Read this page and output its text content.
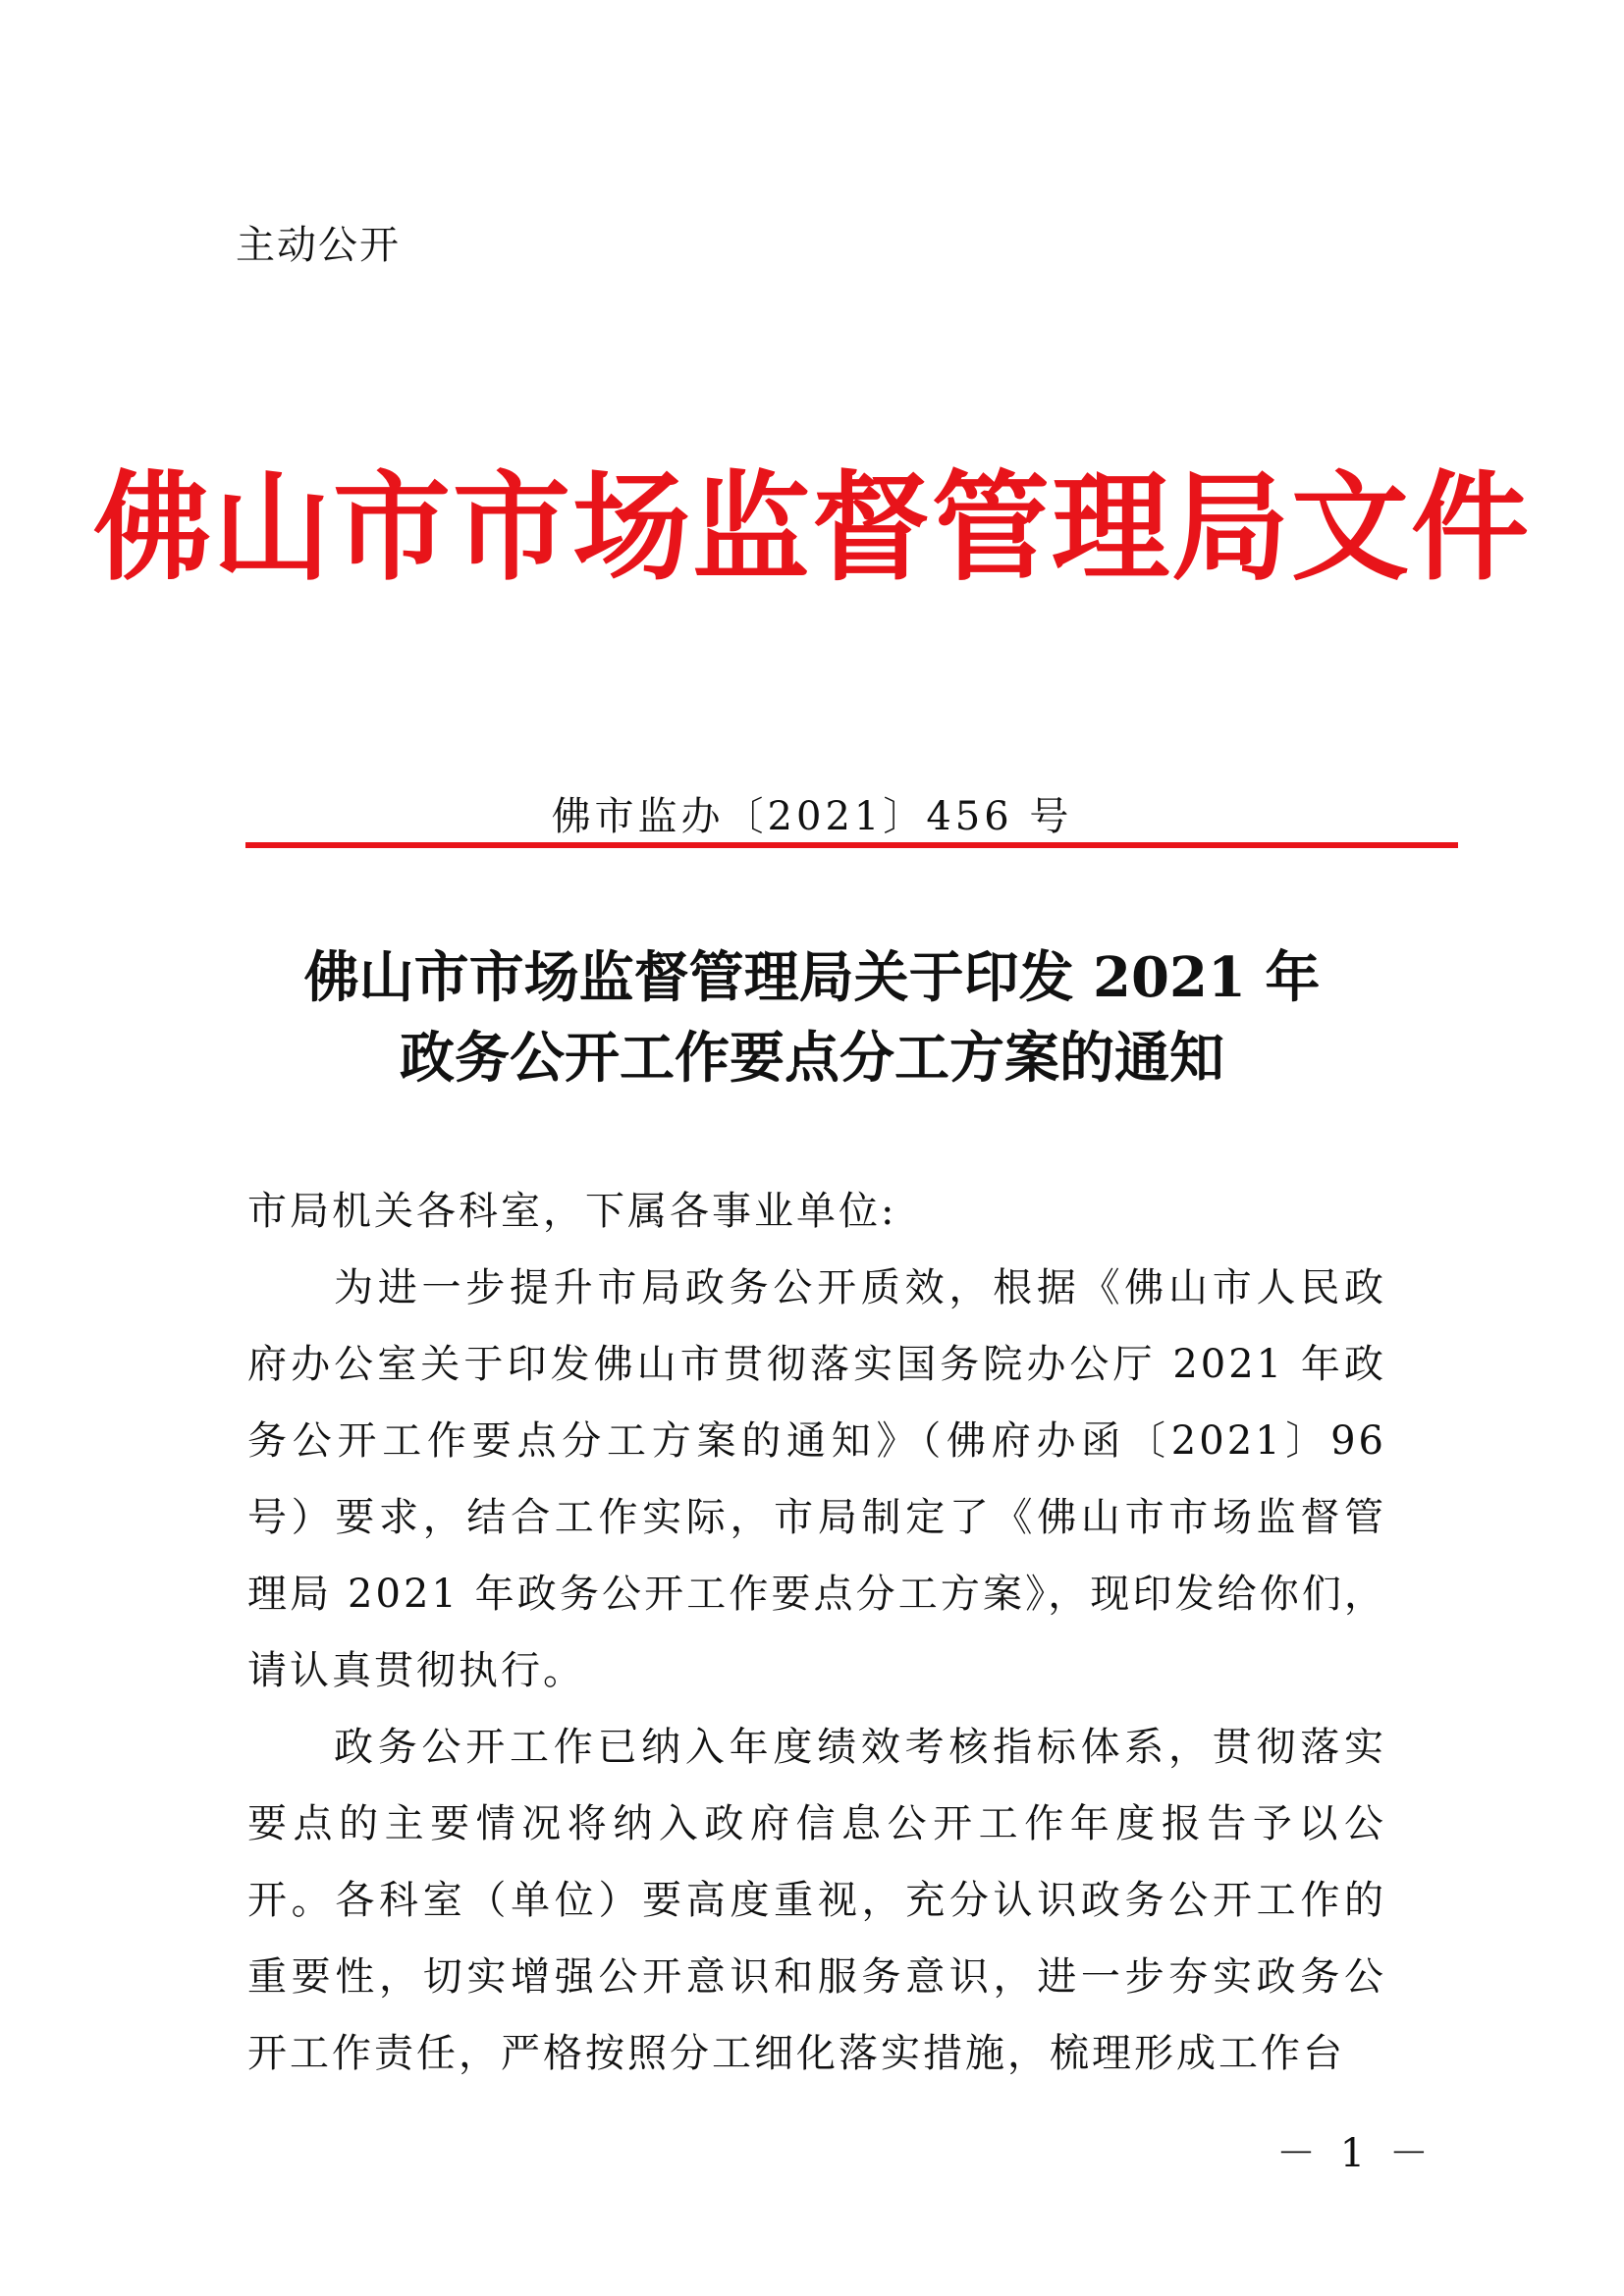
主动公开
佛山市市场监督管理局文件
佛市监办〔2021〕456 号
佛山市市场监督管理局关于印发 2021 年
政务公开工作要点分工方案的通知

市局机关各科室，下属各事业单位:

为进一步提升市局政务公开质效，根据《佛山市人民政府办公室关于印发佛山市贯彻落实国务院办公厅 2021 年政务公开工作要点分工方案的通知》（佛府办函〔2021〕96 号）要求，结合工作实际，市局制定了《佛山市市场监督管理局 2021 年政务公开工作要点分工方案》，现印发给你们，请认真贯彻执行。

政务公开工作已纳入年度绩效考核指标体系，贯彻落实要点的主要情况将纳入政府信息公开工作年度报告予以公开。各科室（单位）要高度重视，充分认识政务公开工作的重要性，切实增强公开意识和服务意识，进一步夯实政务公开工作责任，严格按照分工细化落实措施，梳理形成工作台

－ 1 －
